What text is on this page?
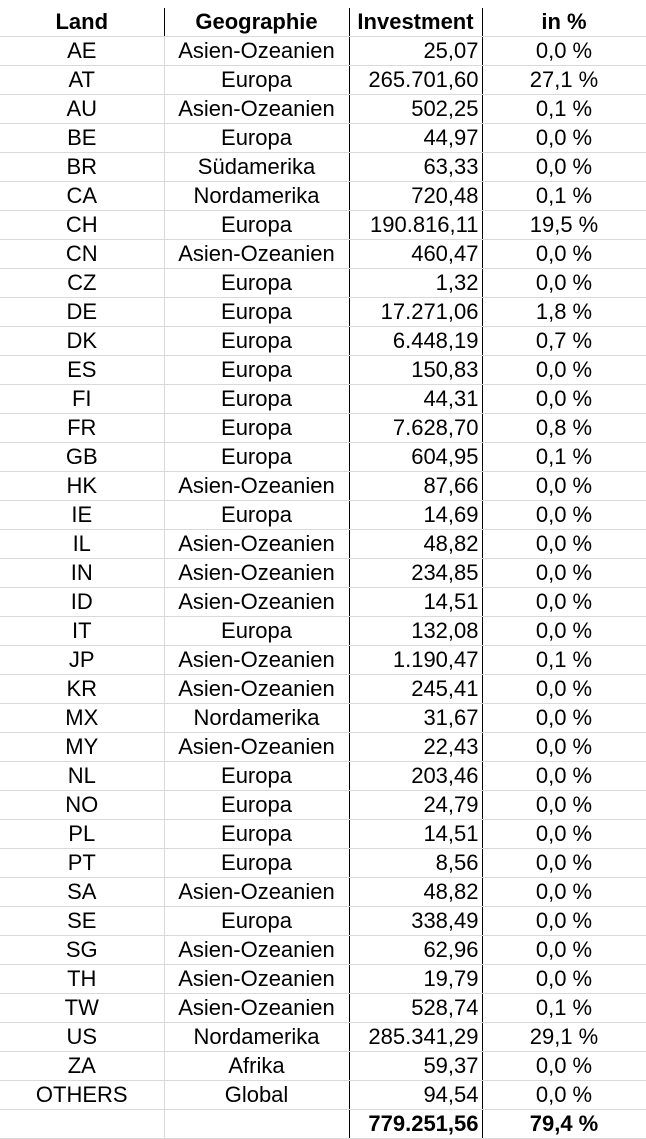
Land	Geographie	Investment	in %
AE	Asien-Ozeanien	25,07	0,0 %
AT	Europa	265.701,60	27,1 %
AU	Asien-Ozeanien	502,25	0,1 %
BE	Europa	44,97	0,0 %
BR	Südamerika	63,33	0,0 %
CA	Nordamerika	720,48	0,1 %
CH	Europa	190.816,11	19,5 %
CN	Asien-Ozeanien	460,47	0,0 %
CZ	Europa	1,32	0,0 %
DE	Europa	17.271,06	1,8 %
DK	Europa	6.448,19	0,7 %
ES	Europa	150,83	0,0 %
FI	Europa	44,31	0,0 %
FR	Europa	7.628,70	0,8 %
GB	Europa	604,95	0,1 %
HK	Asien-Ozeanien	87,66	0,0 %
IE	Europa	14,69	0,0 %
IL	Asien-Ozeanien	48,82	0,0 %
IN	Asien-Ozeanien	234,85	0,0 %
ID	Asien-Ozeanien	14,51	0,0 %
IT	Europa	132,08	0,0 %
JP	Asien-Ozeanien	1.190,47	0,1 %
KR	Asien-Ozeanien	245,41	0,0 %
MX	Nordamerika	31,67	0,0 %
MY	Asien-Ozeanien	22,43	0,0 %
NL	Europa	203,46	0,0 %
NO	Europa	24,79	0,0 %
PL	Europa	14,51	0,0 %
PT	Europa	8,56	0,0 %
SA	Asien-Ozeanien	48,82	0,0 %
SE	Europa	338,49	0,0 %
SG	Asien-Ozeanien	62,96	0,0 %
TH	Asien-Ozeanien	19,79	0,0 %
TW	Asien-Ozeanien	528,74	0,1 %
US	Nordamerika	285.341,29	29,1 %
ZA	Afrika	59,37	0,0 %
OTHERS	Global	94,54	0,0 %
		779.251,56	79,4 %
